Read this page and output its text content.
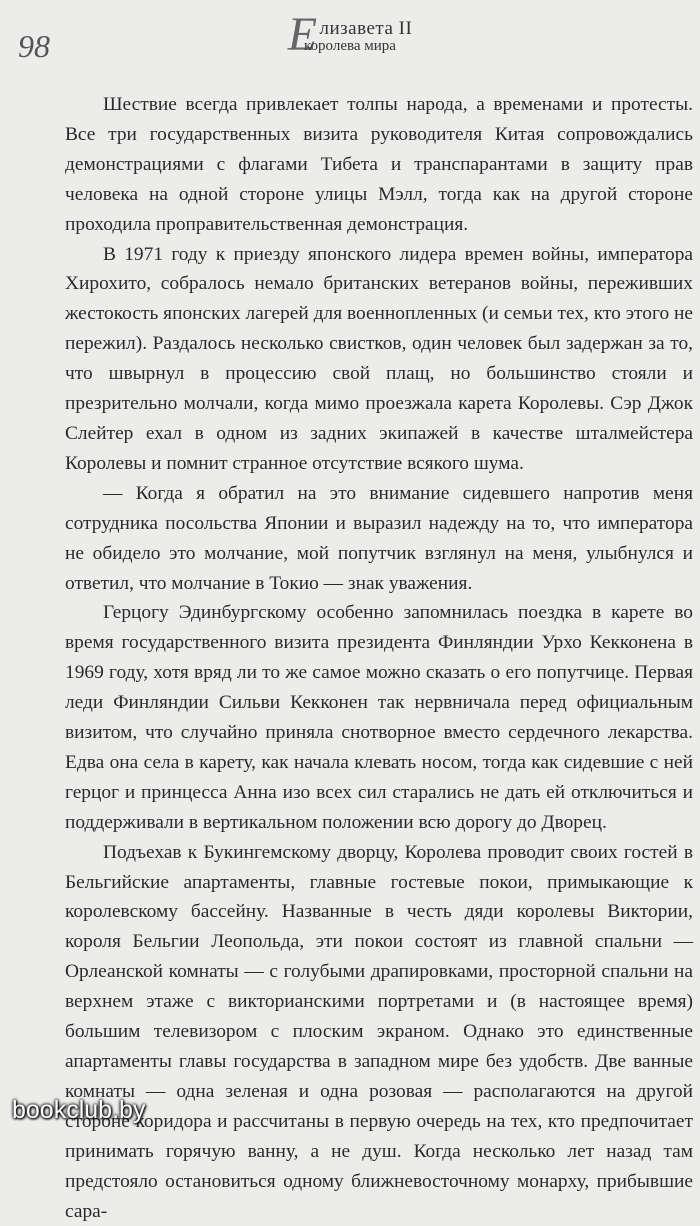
98	Елизавета II
королева мира

Шествие всегда привлекает толпы народа, а временами и протесты. Все три государственных визита руководителя Китая сопровождались демонстрациями с флагами Тибета и транспарантами в защиту прав человека на одной стороне улицы Мэлл, тогда как на другой стороне проходила проправительственная демонстрация.

В 1971 году к приезду японского лидера времен войны, императора Хирохито, собралось немало британских ветеранов войны, переживших жестокость японских лагерей для военнопленных (и семьи тех, кто этого не пережил). Раздалось несколько свистков, один человек был задержан за то, что швырнул в процессию свой плащ, но большинство стояли и презрительно молчали, когда мимо проезжала карета Королевы. Сэр Джок Слейтер ехал в одном из задних экипажей в качестве шталмейстера Королевы и помнит странное отсутствие всякого шума.

— Когда я обратил на это внимание сидевшего напротив меня сотрудника посольства Японии и выразил надежду на то, что императора не обидело это молчание, мой попутчик взглянул на меня, улыбнулся и ответил, что молчание в Токио — знак уважения.

Герцогу Эдинбургскому особенно запомнилась поездка в карете во время государственного визита президента Финляндии Урхо Кекконена в 1969 году, хотя вряд ли то же самое можно сказать о его попутчице. Первая леди Финляндии Сильви Кекконен так нервничала перед официальным визитом, что случайно приняла снотворное вместо сердечного лекарства. Едва она села в карету, как начала клевать носом, тогда как сидевшие с ней герцог и принцесса Анна изо всех сил старались не дать ей отключиться и поддерживали в вертикальном положении всю дорогу до Дворец.

Подъехав к Букингемскому дворцу, Королева проводит своих гостей в Бельгийские апартаменты, главные гостевые покои, примыкающие к королевскому бассейну. Названные в честь дяди королевы Виктории, короля Бельгии Леопольда, эти покои состоят из главной спальни — Орлеанской комнаты — с голубыми драпировками, просторной спальни на верхнем этаже с викторианскими портретами и (в настоящее время) большим телевизором с плоским экраном. Однако это единственные апартаменты главы государства в западном мире без удобств. Две ванные комнаты — одна зеленая и одна розовая — располагаются на другой стороне коридора и рассчитаны в первую очередь на тех, кто предпочитает принимать горячую ванну, а не душ. Когда несколько лет назад там предстояло остановиться одному ближневосточному монарху, прибывшие сара-

bookclub.by
